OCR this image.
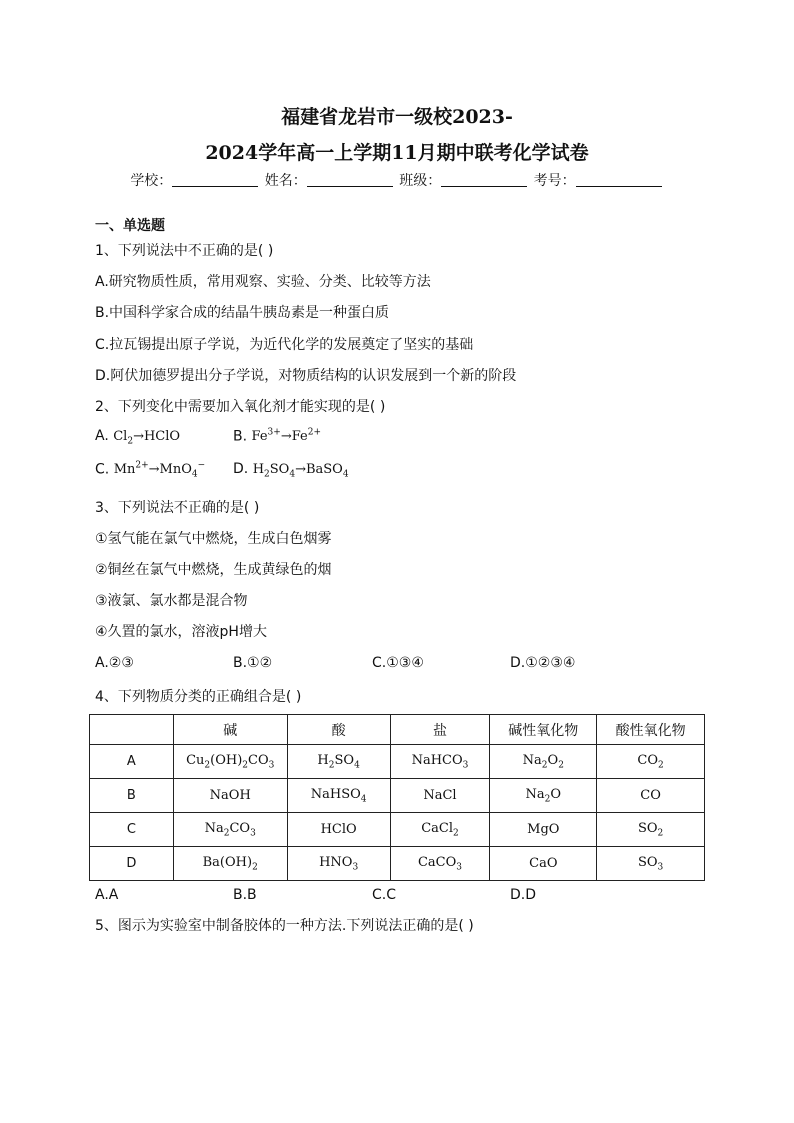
福建省龙岩市一级校2023-
2024学年高一上学期11月期中联考化学试卷
学校：	姓名：	班级：	考号：
一、单选题
1、下列说法中不正确的是( )
A.研究物质性质，常用观察、实验、分类、比较等方法
B.中国科学家合成的结晶牛胰岛素是一种蛋白质
C.拉瓦锡提出原子学说，为近代化学的发展奠定了坚实的基础
D.阿伏加德罗提出分子学说，对物质结构的认识发展到一个新的阶段
2、下列变化中需要加入氧化剂才能实现的是( )
A. $Cl_2\to HClO$	B. $Fe^{3+}\to Fe^{2+}$
C. $Mn^{2+}\to MnO_4^-$ D. $H_2SO_4\to BaSO_4$
3、下列说法不正确的是( )
①氢气能在氯气中燃烧，生成白色烟雾
②铜丝在氯气中燃烧，生成黄绿色的烟
③液氯、氯水都是混合物
④久置的氯水，溶液pH增大
A.②③	B.①②	C.①③④	D.①②③④
4、下列物质分类的正确组合是( )
	碱	酸	盐	碱性氧化物	酸性氧化物
A	$Cu_2(OH)_2CO_3$	$H_2SO_4$	NaHCO$_3$	$Na_2O_2$	$CO_2$
B	NaOH	NaHSO$_4$	NaCl	$Na_2O$	CO
C	$Na_2CO_3$	HClO	CaCl$_2$	MgO	$SO_2$
D	$Ba(OH)_2$	$HNO_3$	CaCO$_3$	CaO	$SO_3$
A.A	B.B	C.C	D.D
5、图示为实验室中制备胶体的一种方法.下列说法正确的是( )
